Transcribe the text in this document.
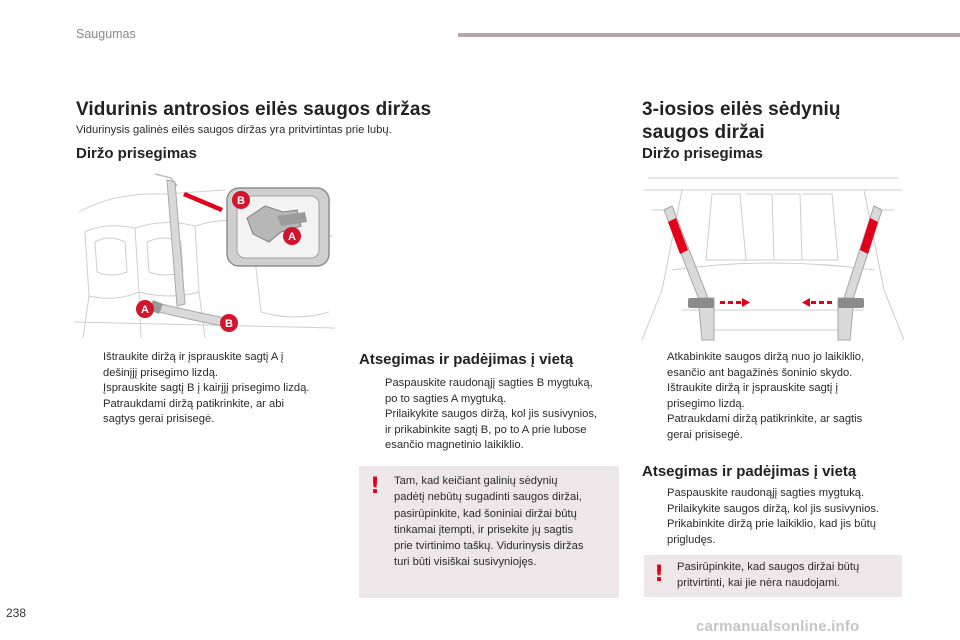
Saugumas
Vidurinis antrosios eilės saugos diržas
Vidurinysis galinės eilės saugos diržas yra pritvirtintas prie lubų.
Diržo prisegimas
B
A
A
B
Ištraukite diržą ir įsprauskite sagtį A į
dešinįjį prisegimo lizdą.
Įsprauskite sagtį B į kairįjį prisegimo lizdą.
Patraukdami diržą patikrinkite, ar abi
sagtys gerai prisisegė.
Atsegimas ir padėjimas į vietą
Paspauskite raudonąjį sagties B mygtuką,
po to sagties A mygtuką.
Prilaikykite saugos diržą, kol jis susivynios,
ir prikabinkite sagtį B, po to A prie lubose
esančio magnetinio laikiklio.
! Tam, kad keičiant galinių sėdynių
padėtį nebūtų sugadinti saugos diržai,
pasirūpinkite, kad šoniniai diržai būtų
tinkamai įtempti, ir prisekite jų sagtis
prie tvirtinimo taškų. Vidurinysis diržas
turi būti visiškai susivyniojęs.
3-iosios eilės sėdynių
saugos diržai
Diržo prisegimas
Atkabinkite saugos diržą nuo jo laikiklio,
esančio ant bagažinės šoninio skydo.
Ištraukite diržą ir įsprauskite sagtį į
prisegimo lizdą.
Patraukdami diržą patikrinkite, ar sagtis
gerai prisisegė.
Atsegimas ir padėjimas į vietą
Paspauskite raudonąjį sagties mygtuką.
Prilaikykite saugos diržą, kol jis susivynios.
Prikabinkite diržą prie laikiklio, kad jis būtų
prigludęs.
! Pasirūpinkite, kad saugos diržai būtų
pritvirtinti, kai jie nėra naudojami.
238
carmanualsonline.info
